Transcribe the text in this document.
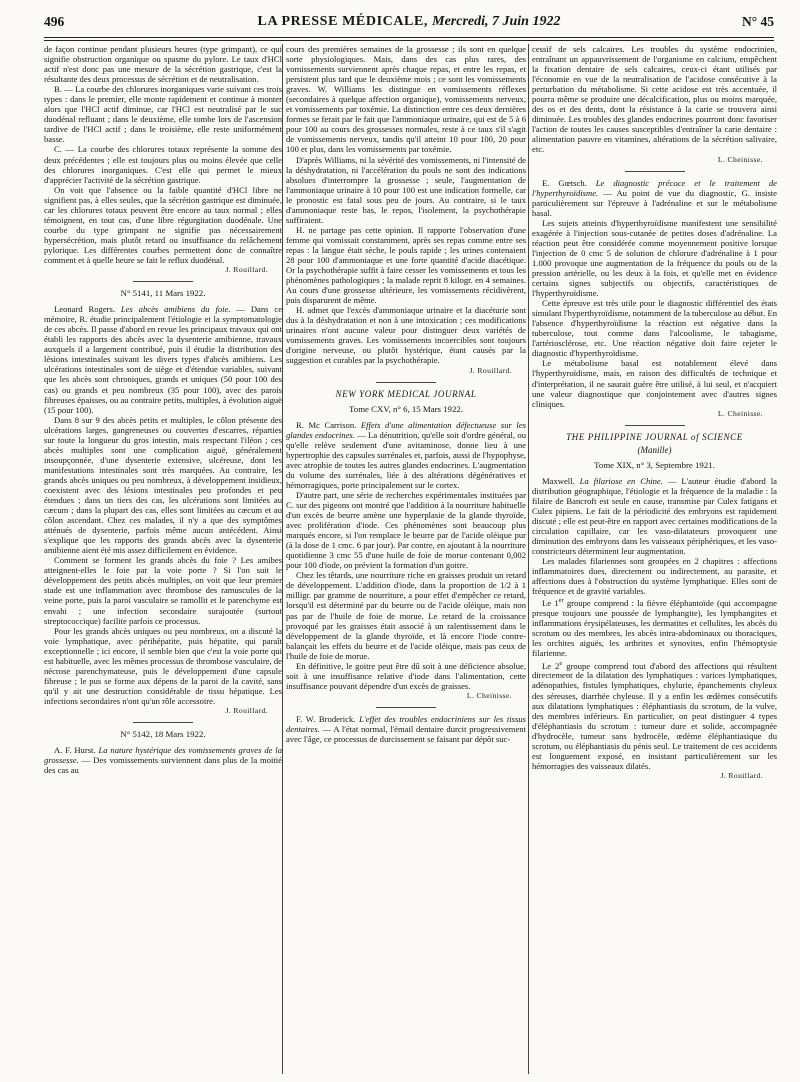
496	LA PRESSE MÉDICALE, Mercredi, 7 Juin 1922	N° 45

de façon continue pendant plusieurs heures (type grimpant), ce qui signifie obstruction organique ou spasme du pylore. Le taux d'HCl actif n'est donc pas une mesure de la sécrétion gastrique, c'est la résultante des deux processus de sécrétion et de neutralisation.

B. — La courbe des chlorures inorganiques varie suivant ces trois types : dans le premier, elle monte rapidement et continue à monter alors que l'HCl actif diminue, car l'HCl est neutralisé par le suc duodénal refluant ; dans le deuxième, elle tombe lors de l'ascension tardive de l'HCl actif ; dans le troisième, elle reste uniformément basse.

C. — La courbe des chlorures totaux représente la somme des deux précédentes ; elle est toujours plus ou moins élevée que celle des chlorures inorganiques. C'est elle qui permet le mieux d'apprécier l'activité de la sécrétion gastrique.

On voit que l'absence ou la faible quantité d'HCl libre ne signifient pas, à elles seules, que la sécrétion gastrique est diminuée, car les chlorures totaux peuvent être encore au taux normal ; elles témoignent, en tout cas, d'une libre régurgitation duodénale. Une courbe du type grimpant ne signifie pas nécessairement hypersécrétion, mais plutôt retard ou insuffisance du relâchement pylorique. Les différentes courbes permettent donc de connaître comment et à quelle heure se fait le reflux duodénal.

J. Rouillard.
N° 5141, 11 Mars 1922.

Leonard Rogers. Les abcès amibiens du foie. — Dans ce mémoire, R. étudie principalement l'étiologie et la symptomatologie de ces abcès. Il passe d'abord en revue les principaux travaux qui ont établi les rapports des abcès avec la dysenterie amibienne, travaux auxquels il a largement contribué, puis il étudie la distribution des lésions intestinales suivant les divers types d'abcès amibiens. Les ulcérations intestinales sont de siège et d'étendue variables, suivant que les abcès sont chroniques, grands et uniques (50 pour 100 des cas) ou grands et peu nombreux (35 pour 100), avec des parois fibreuses épaisses, ou au contraire petits, multiples, à évolution aiguë (15 pour 100).

Dans 8 sur 9 des abcès petits et multiples, le côlon présente des ulcérations larges, gangreneuses ou couvertes d'escarres, réparties sur toute la longueur du gros intestin, mais respectant l'iléon ; ces abcès multiples sont une complication aiguë, généralement insoupçonnée, d'une dysenterie extensive, ulcéreuse, dont les manifestations intestinales sont très marquées. Au contraire, les grands abcès uniques ou peu nombreux, à développement insidieux, coexistent avec des lésions intestinales peu profondes et peu étendues ; dans un tiers des cas, les ulcérations sont limitées au cæcum ; dans la plupart des cas, elles sont limitées au cæcum et au côlon ascendant. Chez ces malades, il n'y a que des symptômes atténués de dysenterie, parfois même aucun antécédent. Ainsi s'explique que les rapports des grands abcès avec la dysenterie amibienne aient été mis assez difficilement en évidence.

Comment se forment les grands abcès du foie ? Les amibes atteignent-elles le foie par la voie porte ? Si l'on suit le développement des petits abcès multiples, on voit que leur premier stade est une inflammation avec thrombose des ramuscules de la veine porte, puis la paroi vasculaire se ramollit et le parenchyme est envahi ; une infection secondaire surajoutée (surtout streptococcique) facilite parfois ce processus.

Pour les grands abcès uniques ou peu nombreux, on a discuté la voie lymphatique, avec périhépatite, puis hépatite, qui paraît exceptionnelle ; ici encore, il semble bien que c'est la voie porte qui est habituelle, avec les mêmes processus de thrombose vasculaire, de nécrose parenchymateuse, puis le développement d'une capsule fibreuse ; le pus se forme aux dépens de la paroi de la cavité, sans qu'il y ait une destruction considérable de tissu hépatique. Les infections secondaires n'ont qu'un rôle accessoire.

J. Rouillard.
N° 5142, 18 Mars 1922.

A. F. Hurst. La nature hystérique des vomissements graves de la grossesse. — Des vomissements surviennent dans plus de la moitié des cas au

cours des premières semaines de la grossesse ; ils sont en quelque sorte physiologiques. Mais, dans des cas plus rares, des vomissements surviennent après chaque repas, et entre les repas, et persistent plus tard que le deuxième mois ; ce sont les vomissements graves. W. Williams les distingue en vomissements réflexes (secondaires à quelque affection organique), vomissements nerveux, et vomissements par toxémie. La distinction entre ces deux dernières formes se ferait par le fait que l'ammoniaque urinaire, qui est de 5 à 6 pour 100 au cours des grossesses normales, reste à ce taux s'il s'agit de vomissements nerveux, tandis qu'il atteint 10 pour 100, 20 pour 100 et plus, dans les vomissements par toxémie.

D'après Williams, ni la sévérité des vomissements, ni l'intensité de la déshydratation, ni l'accélération du pouls ne sont des indications absolues d'interrompre la grossesse ; seule, l'augmentation de l'ammoniaque urinaire à 10 pour 100 est une indication formelle, car le pronostic est fatal sous peu de jours. Au contraire, si le taux d'ammoniaque reste bas, le repos, l'isolement, la psychothérapie suffiraient.

H. ne partage pas cette opinion. Il rapporte l'observation d'une femme qui vomissait constamment, après ses repas comme entre ses repas : la langue était sèche, le pouls rapide ; les urines contenaient 28 pour 100 d'ammoniaque et une forte quantité d'acide diacétique. Or la psychothérapie suffit à faire cesser les vomissements et tous les phénomènes pathologiques ; la malade reprit 8 kilogr. en 4 semaines. Au cours d'une grossesse ultérieure, les vomissements récidivèrent, puis disparurent de même.

H. admet que l'excès d'ammoniaque urinaire et la diacéturie sont dus à la déshydratation et non à une intoxication ; ces modifications urinaires n'ont aucune valeur pour distinguer deux variétés de vomissements graves. Les vomissements incoercibles sont toujours d'origine nerveuse, ou plutôt hystérique, étant causés par la suggestion et curables par la psychothérapie.

J. Rouillard.
NEW YORK MEDICAL JOURNAL
Tome CXV, n° 6, 15 Mars 1922.

R. Mc Carrison. Effets d'une alimentation défectueuse sur les glandes endocrines. — La dénutrition, qu'elle soit d'ordre général, ou qu'elle relève seulement d'une avitaminose, donne lieu à une hypertrophie des capsules surrénales et, parfois, aussi de l'hypophyse, avec atrophie de toutes les autres glandes endocrines. L'augmentation du volume des surrénales, liée à des altérations dégénératives et hémorragiques, porte principalement sur le cortex.

D'autre part, une série de recherches expérimentales instituées par C. sur des pigeons ont montré que l'addition à la nourriture habituelle d'un excès de beurre amène une hyperplasie de la glande thyroïde, avec prolifération d'iode. Ces phénomènes sont beaucoup plus marqués encore, si l'on remplace le beurre par de l'acide oléique pur (à la dose de 1 cmc. 6 par jour). Par contre, en ajoutant à la nourriture quotidienne 3 cmc 55 d'une huile de foie de morue contenant 0,002 pour 100 d'iode, on prévient la formation d'un goitre.

Chez les têtards, une nourriture riche en graisses produit un retard de développement. L'addition d'iode, dans la proportion de 1/2 à 1 milligr. par gramme de nourriture, a pour effet d'empêcher ce retard, lorsqu'il est déterminé par du beurre ou de l'acide oléique, mais non pas par de l'huile de foie de morue. Le retard de la croissance provoqué par les graisses était associé à un ralentissement dans le développement de la glande thyroïde, et là encore l'iode contre-balançait les effets du beurre et de l'acide oléique, mais pas ceux de l'huile de foie de morue.

En définitive, le goitre peut être dû soit à une déficience absolue, soit à une insuffisance relative d'iode dans l'alimentation, cette insuffisance pouvant dépendre d'un excès de graisses.

L. Cheinisse.

F. W. Broderick. L'effet des troubles endocriniens sur les tissus dentaires. — A l'état normal, l'émail dentaire durcit progressivement avec l'âge, ce processus de durcissement se faisant par dépôt suc-

cessif de sels calcaires. Les troubles du système endocrinien, entraînant un appauvrissement de l'organisme en calcium, empêchent la fixation dentaire de sels calcaires, ceux-ci étant utilisés par l'économie en vue de la neutralisation de l'acidose consécutive à la perturbation du métabolisme. Si cette acidose est très accentuée, il pourra même se produire une décalcification, plus ou moins marquée, des os et des dents, dont la résistance à la carie se trouvera ainsi diminuée. Les troubles des glandes endocrines pourront donc favoriser l'action de toutes les causes susceptibles d'entraîner la carie dentaire : alimentation pauvre en vitamines, altérations de la sécrétion salivaire, etc.

L. Cheinisse.

E. Gœtsch. Le diagnostic précoce et le traitement de l'hyperthyroïdisme. — Au point de vue du diagnostic, G. insiste particulièrement sur l'épreuve à l'adrénaline et sur le métabolisme basal.

Les sujets atteints d'hyperthyroïdisme manifestent une sensibilité exagérée à l'injection sous-cutanée de petites doses d'adrénaline. La réaction peut être considérée comme moyennement positive lorsque l'injection de 0 cmc 5 de solution de chlorure d'adrénaline à 1 pour 1.000 provoque une augmentation de la fréquence du pouls ou de la pression artérielle, ou les deux à la fois, et qu'elle met en évidence certains signes subjectifs ou objectifs, caractéristiques de l'hyperthyroïdisme.

Cette épreuve est très utile pour le diagnostic différentiel des états simulant l'hyperthyroïdisme, notamment de la tuberculose au début. En l'absence d'hyperthyroïdisme la réaction est négative dans la tuberculose, tout comme dans l'alcoolisme, le tabagisme, l'artériosclérose, etc. Une réaction négative doit faire rejeter le diagnostic d'hyperthyroïdisme.

Le métabolisme basal est notablement élevé dans l'hyperthyroïdisme, mais, en raison des difficultés de technique et d'interprétation, il ne saurait guère être utilisé, à lui seul, et n'acquiert une valeur diagnostique que conjointement avec d'autres signes cliniques.

L. Cheinisse.
THE PHILIPPINE JOURNAL of SCIENCE
(Manille)
Tome XIX, n° 3, Septembre 1921.

Maxwell. La filariose en Chine. — L'auteur étudie d'abord la distribution géographique, l'étiologie et la fréquence de la maladie : la filaire de Bancroft est seule en cause, transmise par Culex fatigans et Culex pipiens. Le fait de la périodicité des embryons est rapidement discuté ; elle est peut-être en rapport avec certaines modifications de la circulation capillaire, car les vaso-dilatateurs provoquent une diminution des embryons dans les vaisseaux périphériques, et les vaso-constricteurs déterminent leur augmentation.

Les malades filariennes sont groupées en 2 chapitres : affections inflammatoires dues, directement ou indirectement, au parasite, et affections dues à l'obstruction du système lymphatique. Elles sont de fréquence et de gravité variables.

Le 1er groupe comprend : la fièvre éléphantoïde (qui accompagne presque toujours une poussée de lymphangite), les lymphangites et inflammations érysipélateuses, les dermatites et cellulites, les abcès du scrotum ou des membres, les abcès intra-abdominaux ou thoraciques, les orchites aiguës, les arthrites et synovites, enfin l'hémoptysie filarienne.

Le 2e groupe comprend tout d'abord des affections qui résultent directement de la dilatation des lymphatiques : varices lymphatiques, adénopathies, fistules lymphatiques, chylurie, épanchements chyleux des séreuses, diarrhée chyleuse. Il y a enfin les œdèmes consécutifs aux dilatations lymphatiques : éléphantiasis du scrotum, de la vulve, des membres inférieurs. En particulier, on peut distinguer 4 types d'éléphantiasis du scrotum : tumeur dure et solide, accompagnée d'hydrocèle, tumeur sans hydrocèle, œdème éléphantiasique du scrotum, ou éléphantiasis du pénis seul. Le traitement de ces accidents est longuement exposé, en insistant particulièrement sur les hémorragies des vaisseaux dilatés.

J. Rouillard.
